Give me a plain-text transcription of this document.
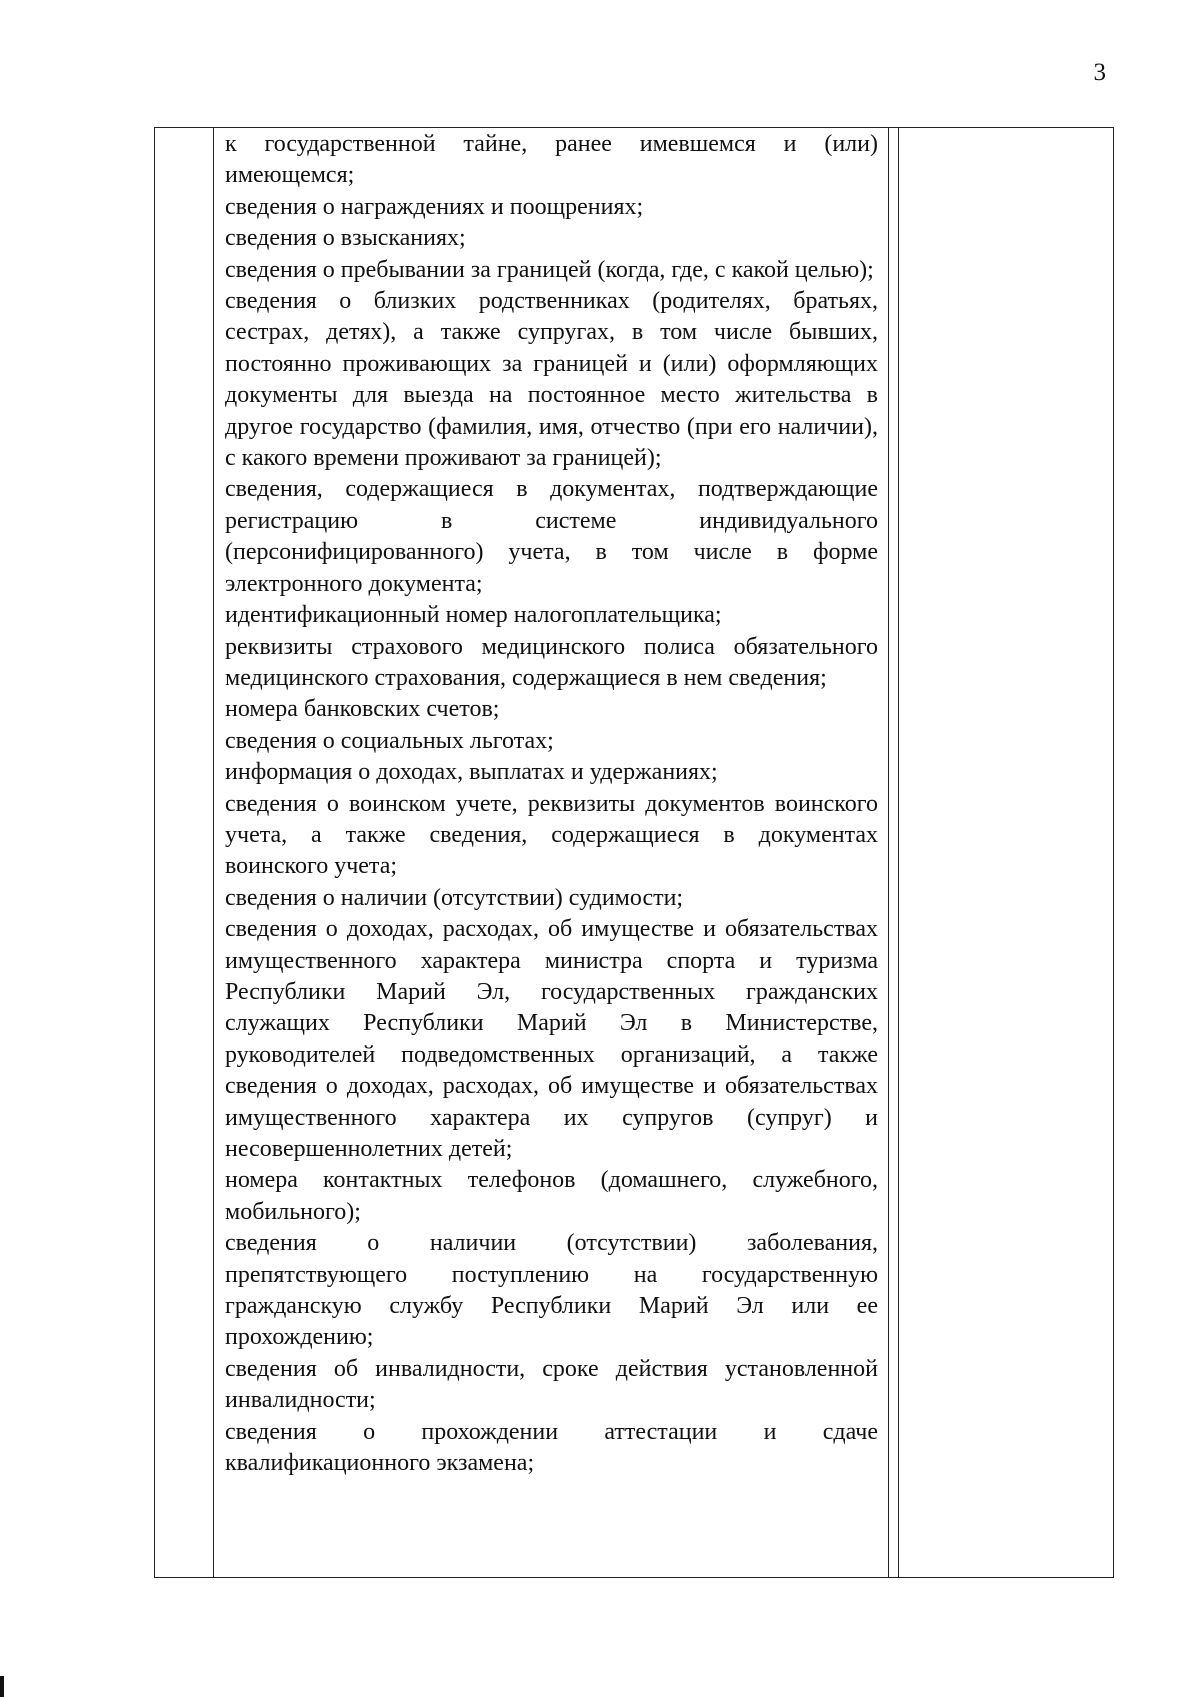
3

к государственной тайне, ранее имевшемся и (или) имеющемся;

сведения о награждениях и поощрениях;

сведения о взысканиях;

сведения о пребывании за границей (когда, где, с какой целью);

сведения о близких родственниках (родителях, братьях, сестрах, детях), а также супругах, в том числе бывших, постоянно проживающих за границей и (или) оформляющих документы для выезда на постоянное место жительства в другое государство (фамилия, имя, отчество (при его наличии), с какого времени проживают за границей);

сведения, содержащиеся в документах, подтверждающие регистрацию в системе индивидуального (персонифицированного) учета, в том числе в форме электронного документа;

идентификационный номер налогоплательщика;

реквизиты страхового медицинского полиса обязательного медицинского страхования, содержащиеся в нем сведения;

номера банковских счетов;

сведения о социальных льготах;

информация о доходах, выплатах и удержаниях;

сведения о воинском учете, реквизиты документов воинского учета, а также сведения, содержащиеся в документах воинского учета;

сведения о наличии (отсутствии) судимости;

сведения о доходах, расходах, об имуществе и обязательствах имущественного характера министра спорта и туризма Республики Марий Эл, государственных гражданских служащих Республики Марий Эл в Министерстве, руководителей подведомственных организаций, а также сведения о доходах, расходах, об имуществе и обязательствах имущественного характера их супругов (супруг) и несовершеннолетних детей;

номера контактных телефонов (домашнего, служебного, мобильного);

сведения о наличии (отсутствии) заболевания, препятствующего поступлению на государственную гражданскую службу Республики Марий Эл или ее прохождению;

сведения об инвалидности, сроке действия установленной инвалидности;

сведения о прохождении аттестации и сдаче квалификационного экзамена;
